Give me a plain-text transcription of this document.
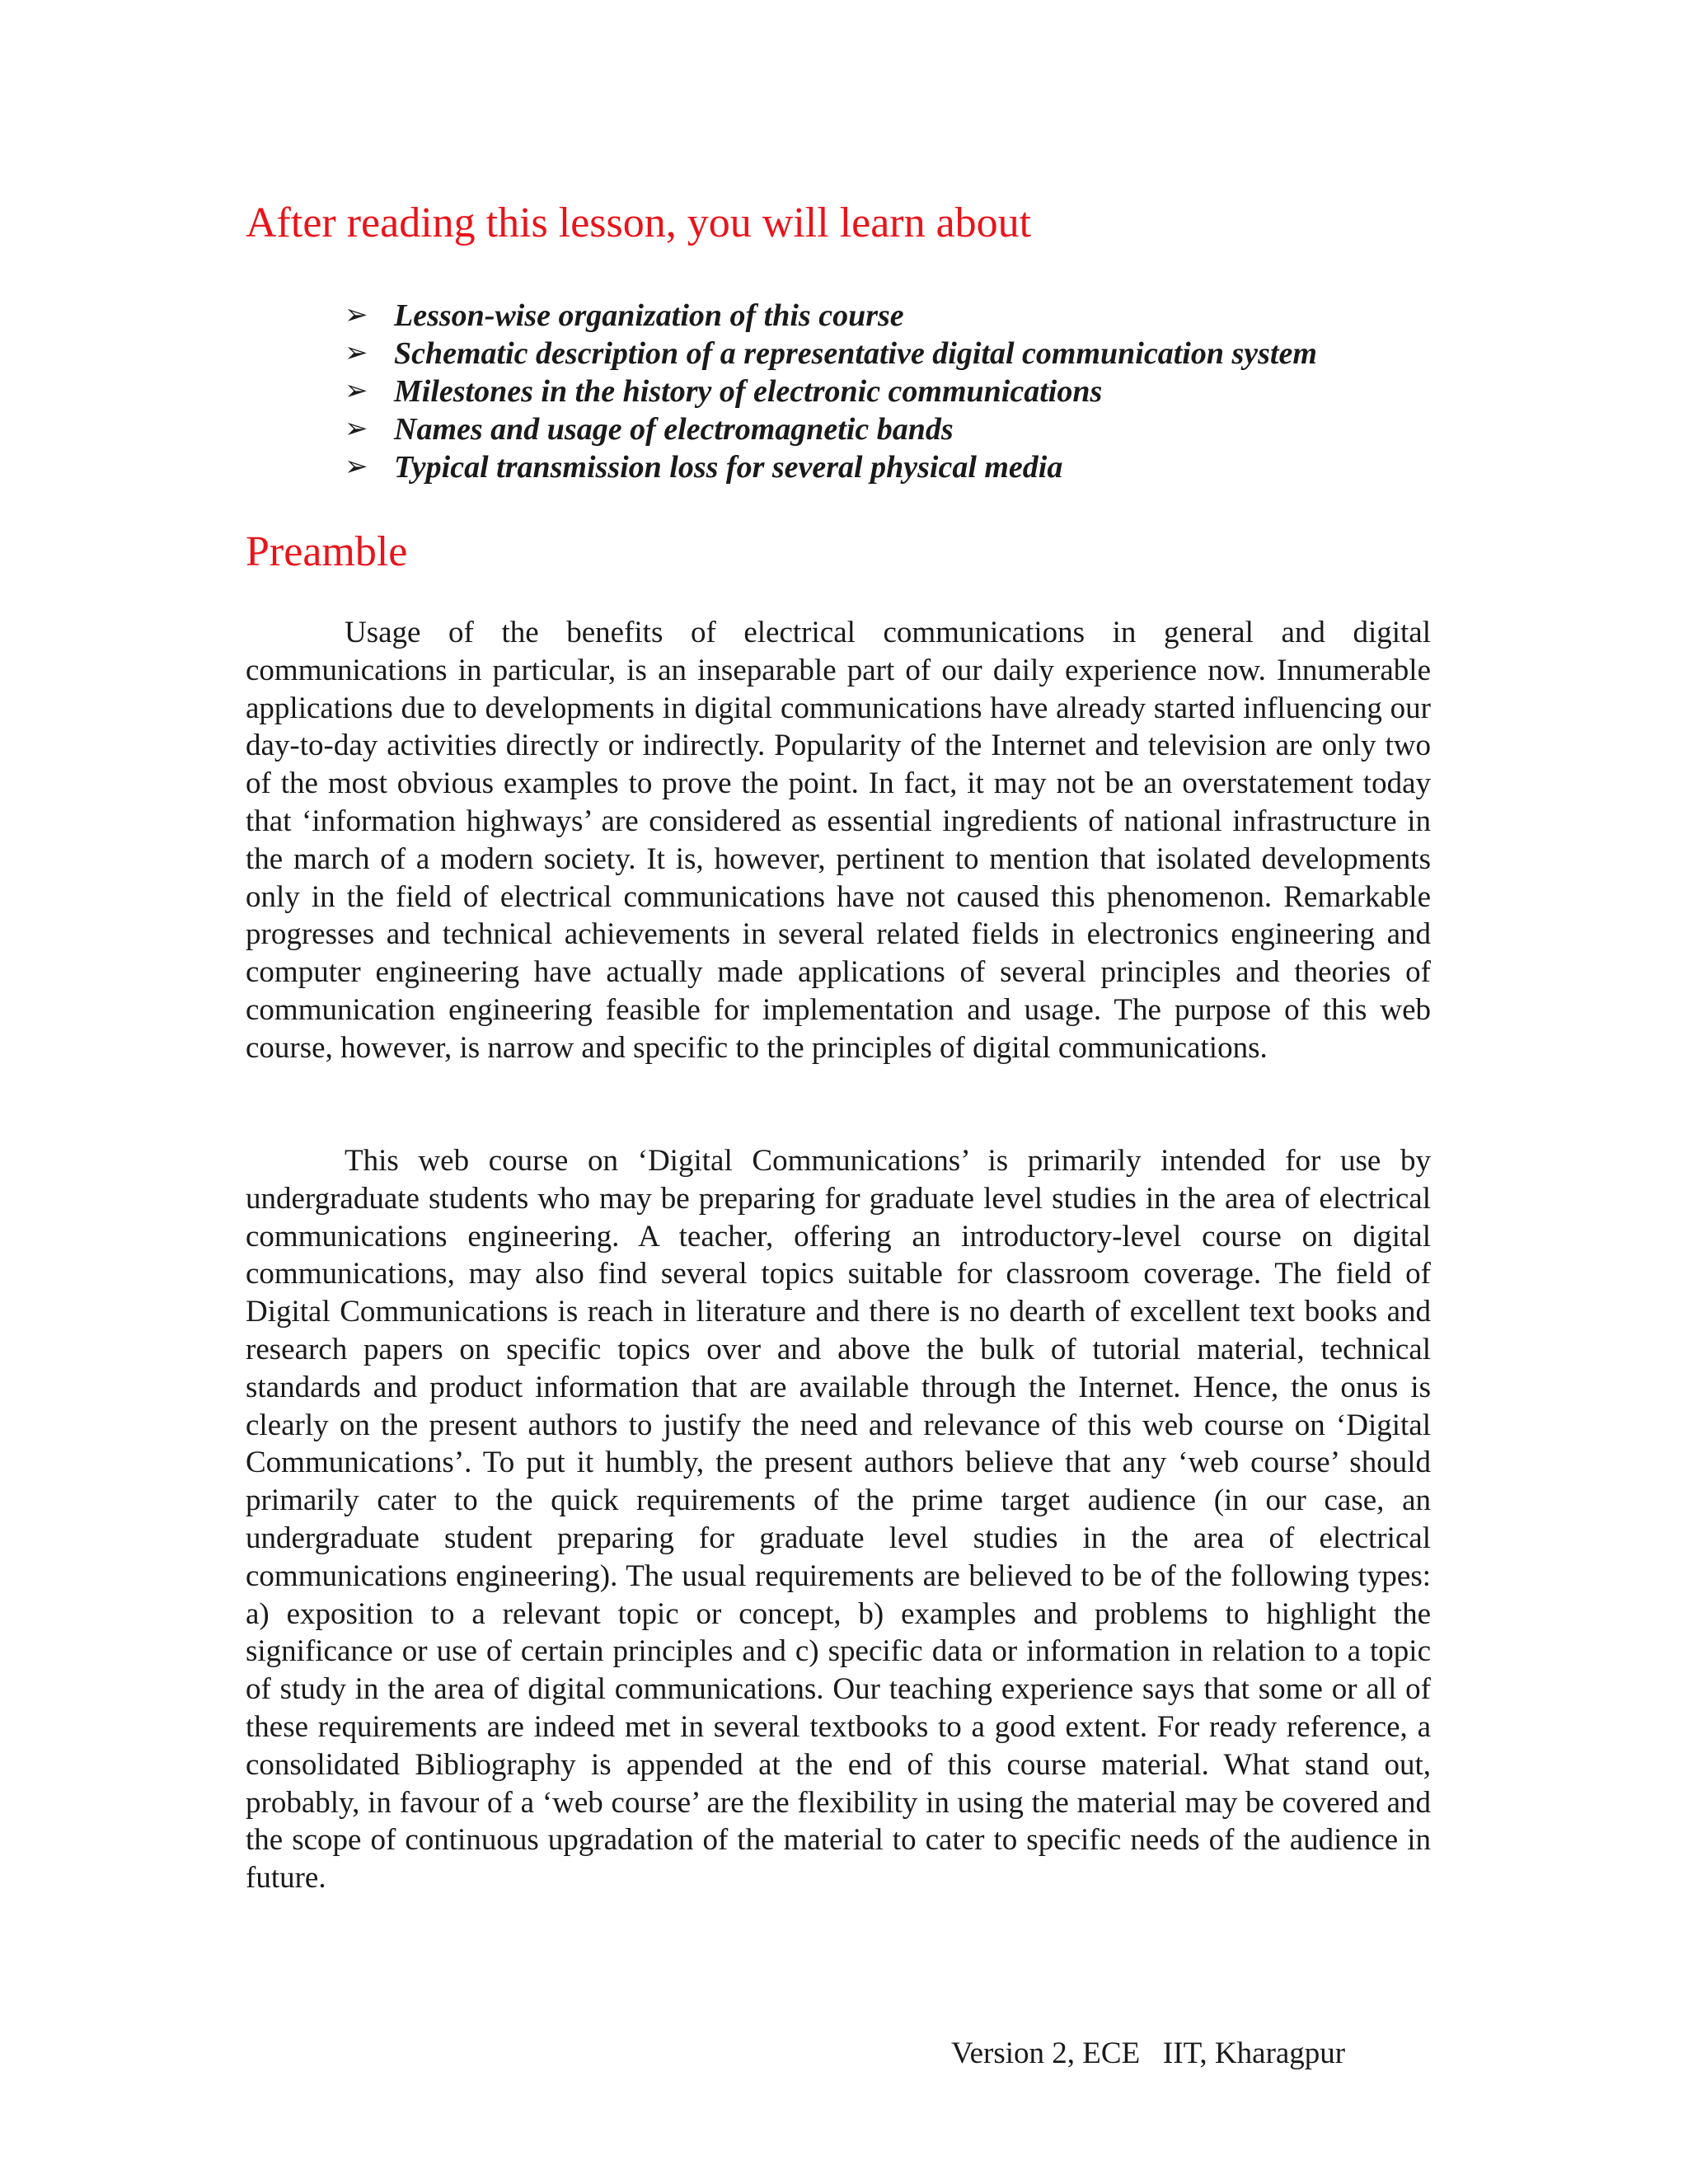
After reading this lesson, you will learn about
➢ Lesson-wise organization of this course
➢ Schematic description of a representative digital communication system
➢ Milestones in the history of electronic communications
➢ Names and usage of electromagnetic bands
➢ Typical transmission loss for several physical media
Preamble

Usage of the benefits of electrical communications in general and digital communications in particular, is an inseparable part of our daily experience now. Innumerable applications due to developments in digital communications have already started influencing our day-to-day activities directly or indirectly. Popularity of the Internet and television are only two of the most obvious examples to prove the point. In fact, it may not be an overstatement today that ‘information highways’ are considered as essential ingredients of national infrastructure in the march of a modern society. It is, however, pertinent to mention that isolated developments only in the field of electrical communications have not caused this phenomenon. Remarkable progresses and technical achievements in several related fields in electronics engineering and computer engineering have actually made applications of several principles and theories of communication engineering feasible for implementation and usage. The purpose of this web course, however, is narrow and specific to the principles of digital communications.

This web course on ‘Digital Communications’ is primarily intended for use by undergraduate students who may be preparing for graduate level studies in the area of electrical communications engineering. A teacher, offering an introductory-level course on digital communications, may also find several topics suitable for classroom coverage. The field of Digital Communications is reach in literature and there is no dearth of excellent text books and research papers on specific topics over and above the bulk of tutorial material, technical standards and product information that are available through the Internet. Hence, the onus is clearly on the present authors to justify the need and relevance of this web course on ‘Digital Communications’. To put it humbly, the present authors believe that any ‘web course’ should primarily cater to the quick requirements of the prime target audience (in our case, an undergraduate student preparing for graduate level studies in the area of electrical communications engineering). The usual requirements are believed to be of the following types: a) exposition to a relevant topic or concept, b) examples and problems to highlight the significance or use of certain principles and c) specific data or information in relation to a topic of study in the area of digital communications. Our teaching experience says that some or all of these requirements are indeed met in several textbooks to a good extent. For ready reference, a consolidated Bibliography is appended at the end of this course material. What stand out, probably, in favour of a ‘web course’ are the flexibility in using the material may be covered and the scope of continuous upgradation of the material to cater to specific needs of the audience in future.

Version 2, ECE   IIT, Kharagpur
